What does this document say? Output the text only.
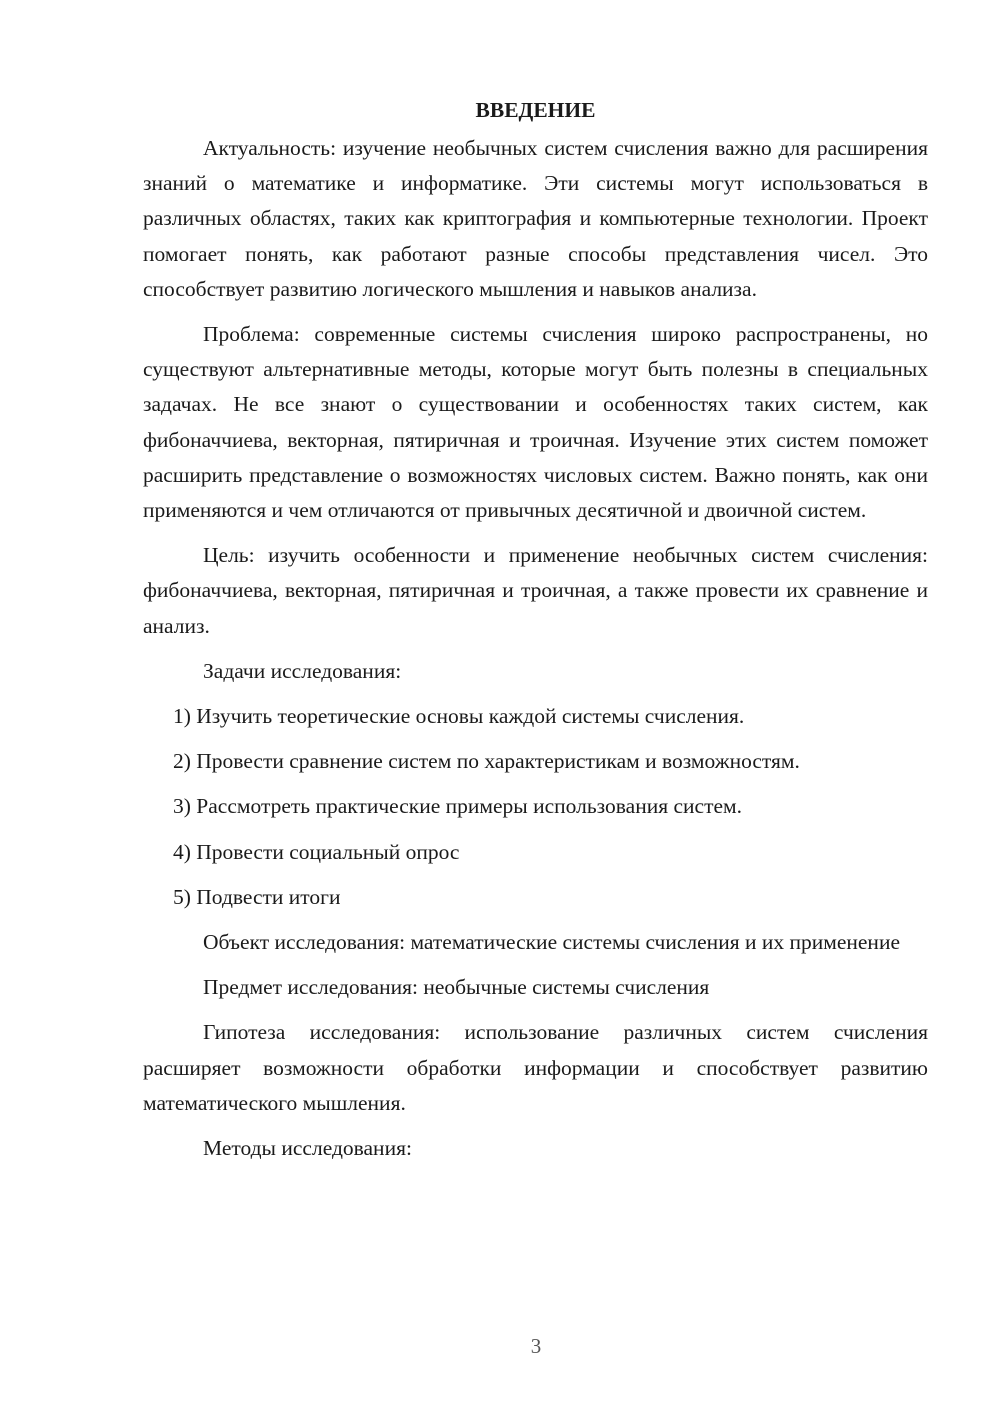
ВВЕДЕНИЕ

Актуальность: изучение необычных систем счисления важно для расширения знаний о математике и информатике. Эти системы могут использоваться в различных областях, таких как криптография и компьютерные технологии. Проект помогает понять, как работают разные способы представления чисел. Это способствует развитию логического мышления и навыков анализа.

Проблема: современные системы счисления широко распространены, но существуют альтернативные методы, которые могут быть полезны в специальных задачах. Не все знают о существовании и особенностях таких систем, как фибоначчиева, векторная, пятиричная и троичная. Изучение этих систем поможет расширить представление о возможностях числовых систем. Важно понять, как они применяются и чем отличаются от привычных десятичной и двоичной систем.

Цель: изучить особенности и применение необычных систем счисления: фибоначчиева, векторная, пятиричная и троичная, а также провести их сравнение и анализ.

Задачи исследования:

1) Изучить теоретические основы каждой системы счисления.

2) Провести сравнение систем по характеристикам и возможностям.

3) Рассмотреть практические примеры использования систем.

4) Провести социальный опрос

5) Подвести итоги

Объект исследования: математические системы счисления и их применение

Предмет исследования: необычные системы счисления

Гипотеза исследования: использование различных систем счисления расширяет возможности обработки информации и способствует развитию математического мышления.

Методы исследования:

3
